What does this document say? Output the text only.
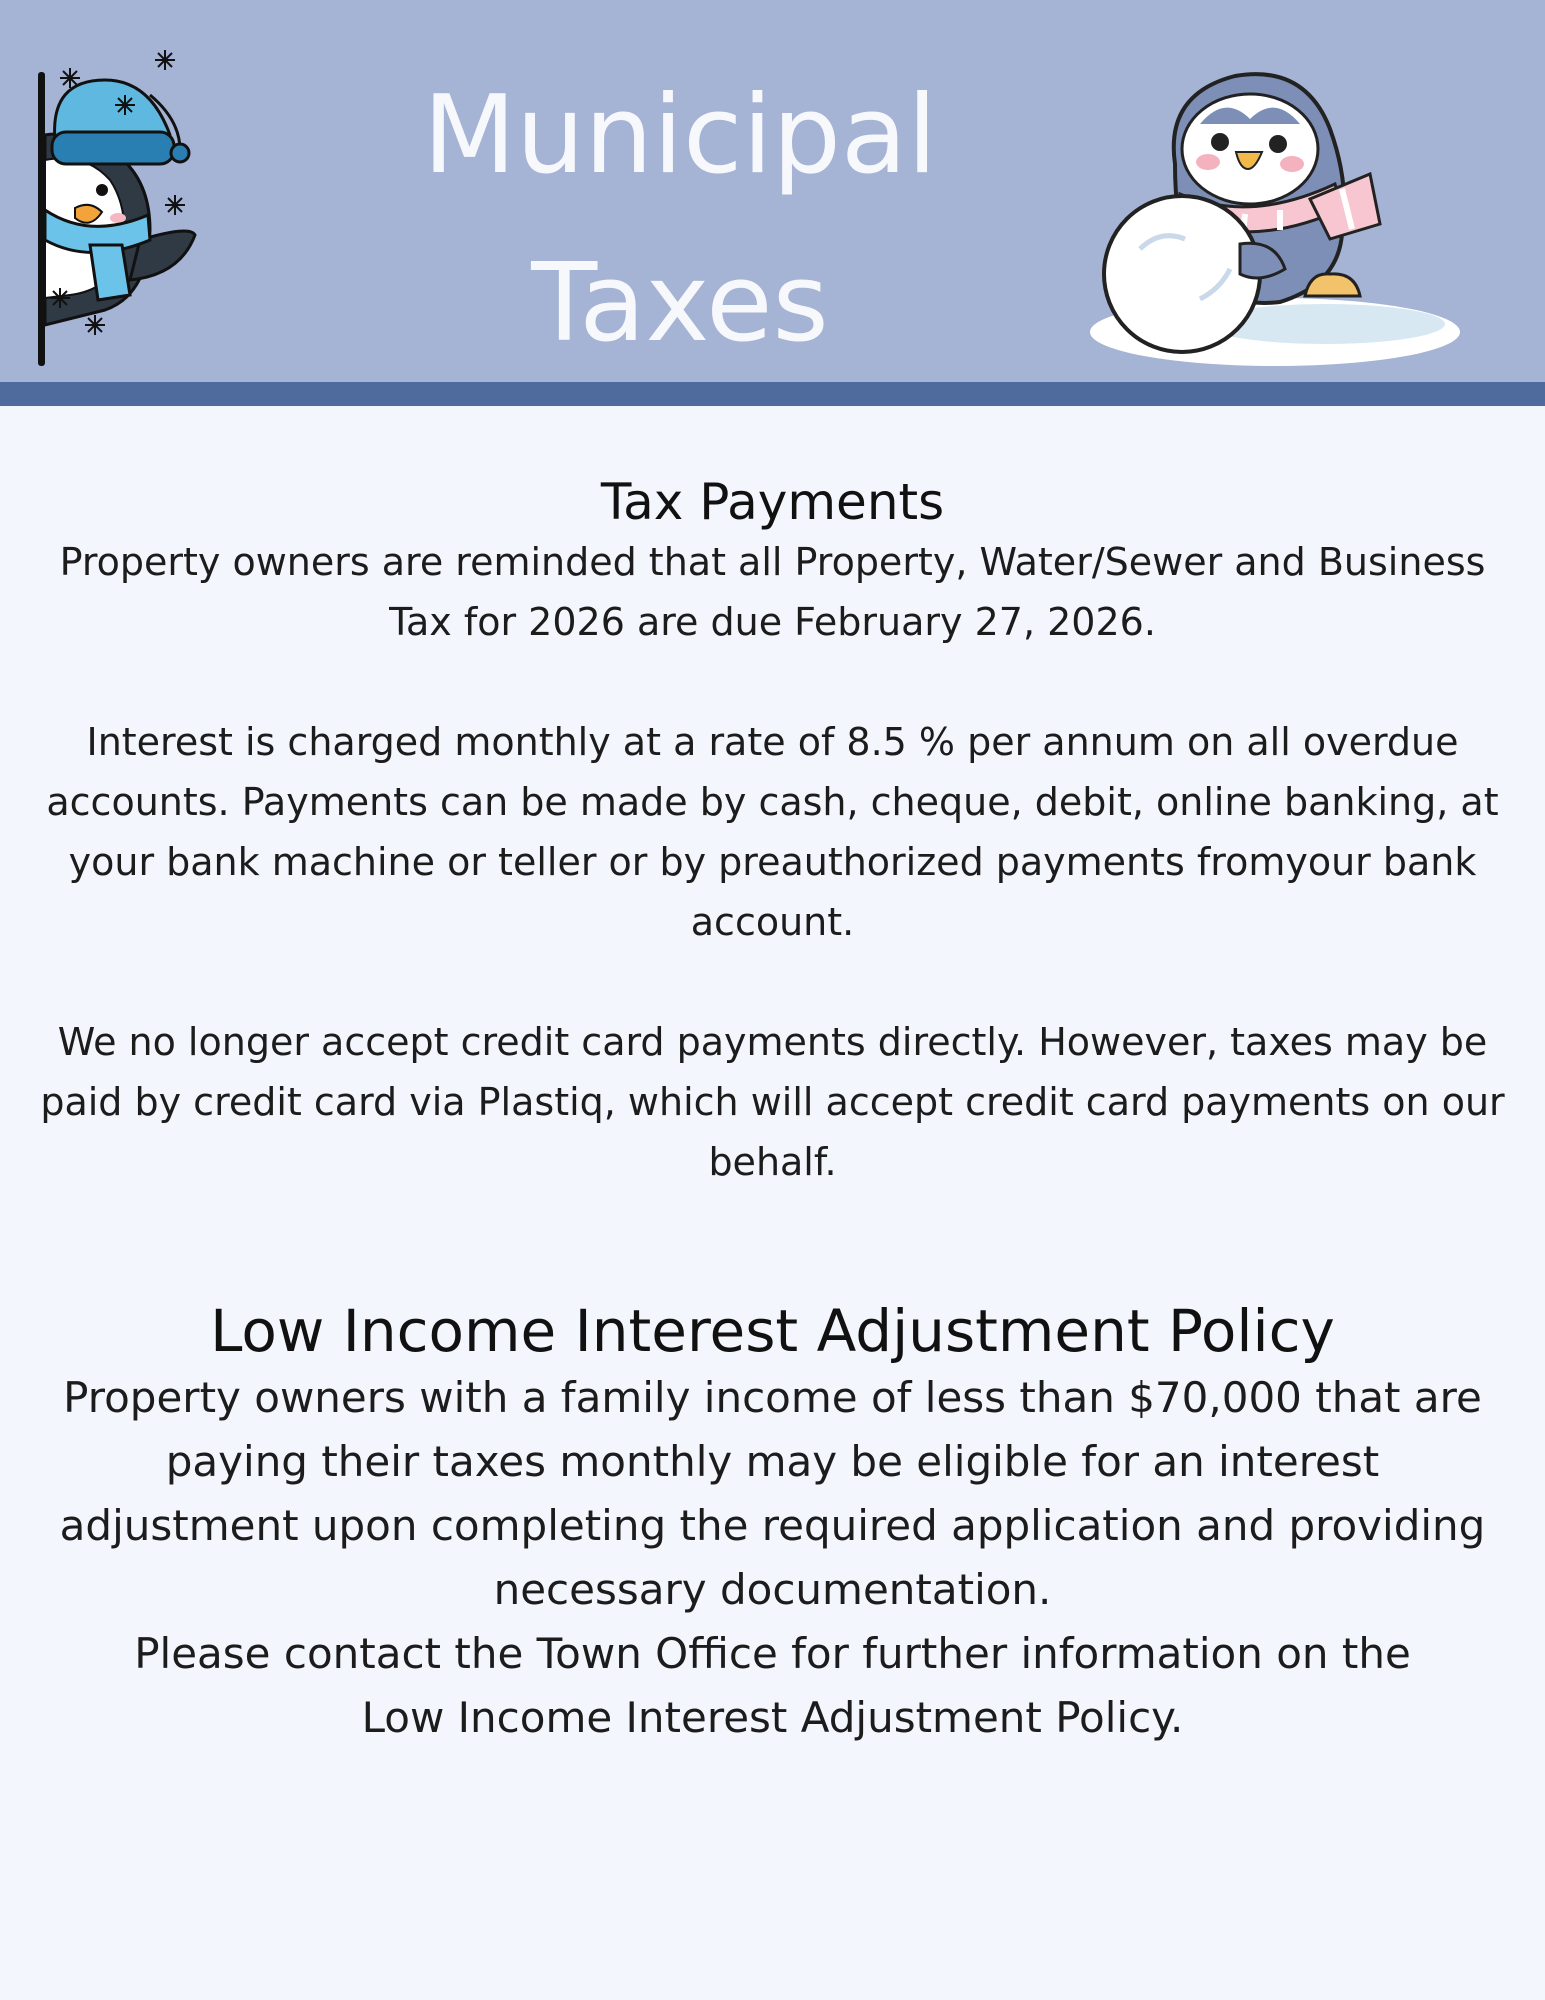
Municipal
Taxes
Tax Payments

Property owners are reminded that all Property, Water/Sewer and Business
Tax for 2026 are due February 27, 2026.

Interest is charged monthly at a rate of 8.5 % per annum on all overdue
accounts. Payments can be made by cash, cheque, debit, online banking, at
your bank machine or teller or by preauthorized payments fromyour bank
account.

We no longer accept credit card payments directly. However, taxes may be
paid by credit card via Plastiq, which will accept credit card payments on our
behalf.

Low Income Interest Adjustment Policy

Property owners with a family income of less than $70,000 that are
paying their taxes monthly may be eligible for an interest
adjustment upon completing the required application and providing
necessary documentation.
Please contact the Town Office for further information on the
Low Income Interest Adjustment Policy.
